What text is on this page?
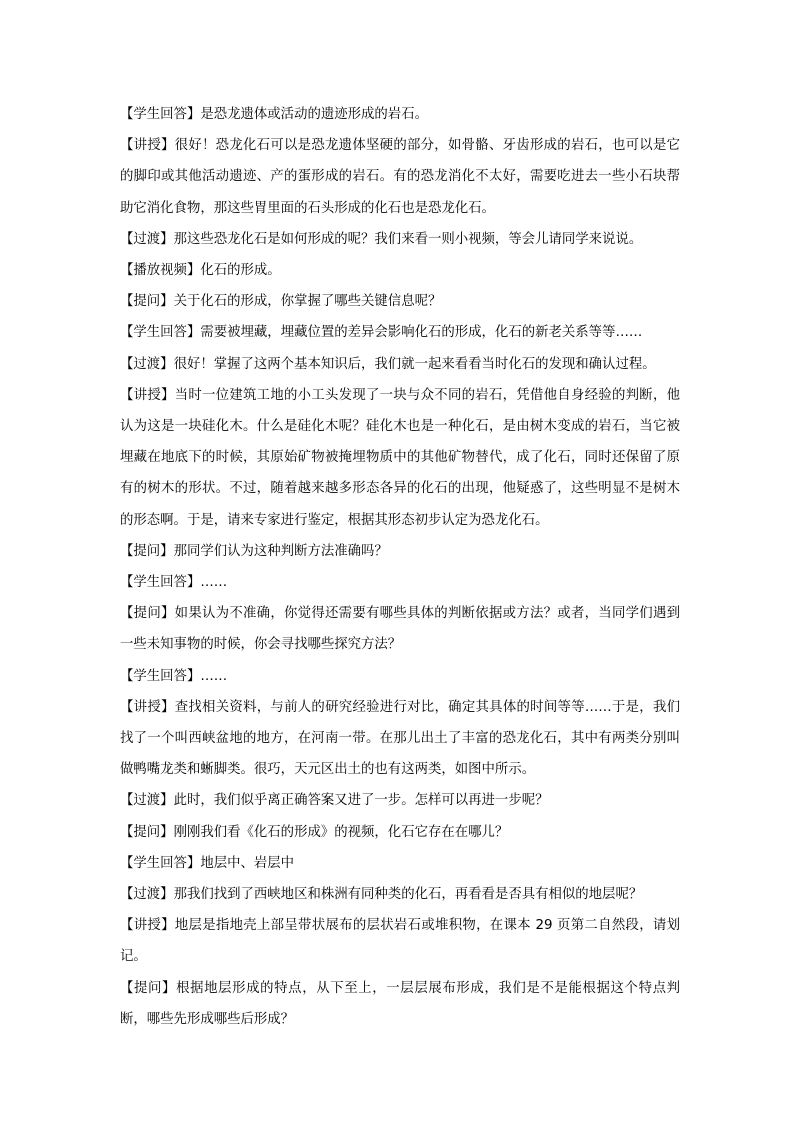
【学生回答】是恐龙遗体或活动的遗迹形成的岩石。

【讲授】很好！恐龙化石可以是恐龙遗体坚硬的部分，如骨骼、牙齿形成的岩石，也可以是它的脚印或其他活动遗迹、产的蛋形成的岩石。有的恐龙消化不太好，需要吃进去一些小石块帮助它消化食物，那这些胃里面的石头形成的化石也是恐龙化石。

【过渡】那这些恐龙化石是如何形成的呢？我们来看一则小视频，等会儿请同学来说说。

【播放视频】化石的形成。

【提问】关于化石的形成，你掌握了哪些关键信息呢？

【学生回答】需要被埋藏，埋藏位置的差异会影响化石的形成，化石的新老关系等等……

【过渡】很好！掌握了这两个基本知识后，我们就一起来看看当时化石的发现和确认过程。

【讲授】当时一位建筑工地的小工头发现了一块与众不同的岩石，凭借他自身经验的判断，他认为这是一块硅化木。什么是硅化木呢？硅化木也是一种化石，是由树木变成的岩石，当它被埋藏在地底下的时候，其原始矿物被掩埋物质中的其他矿物替代，成了化石，同时还保留了原有的树木的形状。不过，随着越来越多形态各异的化石的出现，他疑惑了，这些明显不是树木的形态啊。于是，请来专家进行鉴定，根据其形态初步认定为恐龙化石。

【提问】那同学们认为这种判断方法准确吗？

【学生回答】……

【提问】如果认为不准确，你觉得还需要有哪些具体的判断依据或方法？或者，当同学们遇到一些未知事物的时候，你会寻找哪些探究方法？

【学生回答】……

【讲授】查找相关资料，与前人的研究经验进行对比，确定其具体的时间等等……于是，我们找了一个叫西峡盆地的地方，在河南一带。在那儿出土了丰富的恐龙化石，其中有两类分别叫做鸭嘴龙类和蜥脚类。很巧，天元区出土的也有这两类，如图中所示。

【过渡】此时，我们似乎离正确答案又进了一步。怎样可以再进一步呢？

【提问】刚刚我们看《化石的形成》的视频，化石它存在在哪儿？

【学生回答】地层中、岩层中

【过渡】那我们找到了西峡地区和株洲有同种类的化石，再看看是否具有相似的地层呢？

【讲授】地层是指地壳上部呈带状展布的层状岩石或堆积物，在课本 29 页第二自然段，请划记。

【提问】根据地层形成的特点，从下至上，一层层展布形成，我们是不是能根据这个特点判断，哪些先形成哪些后形成？
